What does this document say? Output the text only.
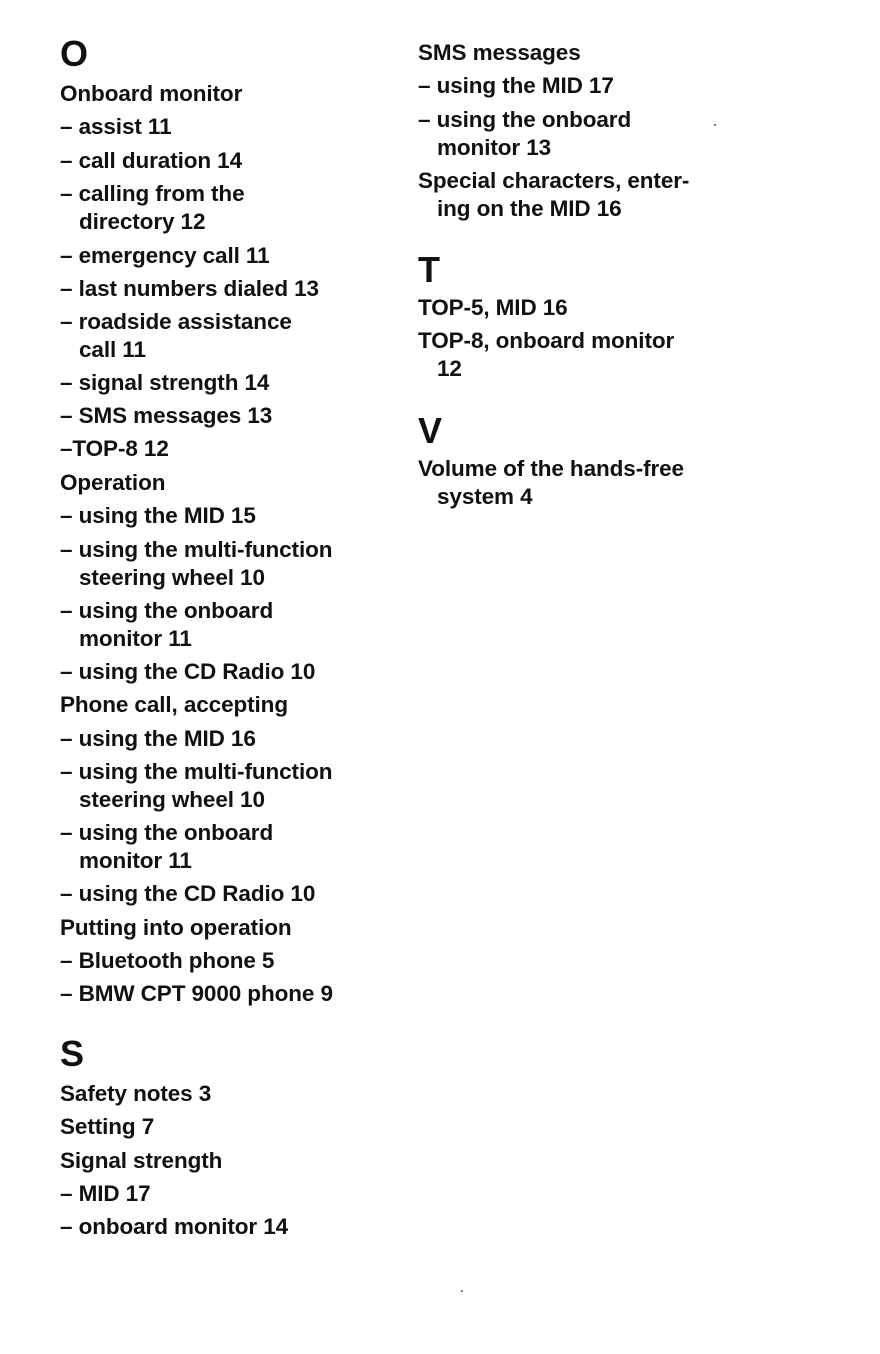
O
Onboard monitor
– assist 11
– call duration 14
– calling from the
directory 12
– emergency call 11
– last numbers dialed 13
– roadside assistance
call 11
– signal strength 14
– SMS messages 13
–TOP-8 12
Operation
– using the MID 15
– using the multi-function
steering wheel 10
– using the onboard
monitor 11
– using the CD Radio 10
Phone call, accepting
– using the MID 16
– using the multi-function
steering wheel 10
– using the onboard
monitor 11
– using the CD Radio 10
Putting into operation
– Bluetooth phone 5
– BMW CPT 9000 phone 9
S
Safety notes 3
Setting 7
Signal strength
– MID 17
– onboard monitor 14
SMS messages
– using the MID 17
– using the onboard
monitor 13
Special characters, enter-
ing on the MID 16
T
TOP-5, MID 16
TOP-8, onboard monitor
12
V
Volume of the hands-free
system 4
